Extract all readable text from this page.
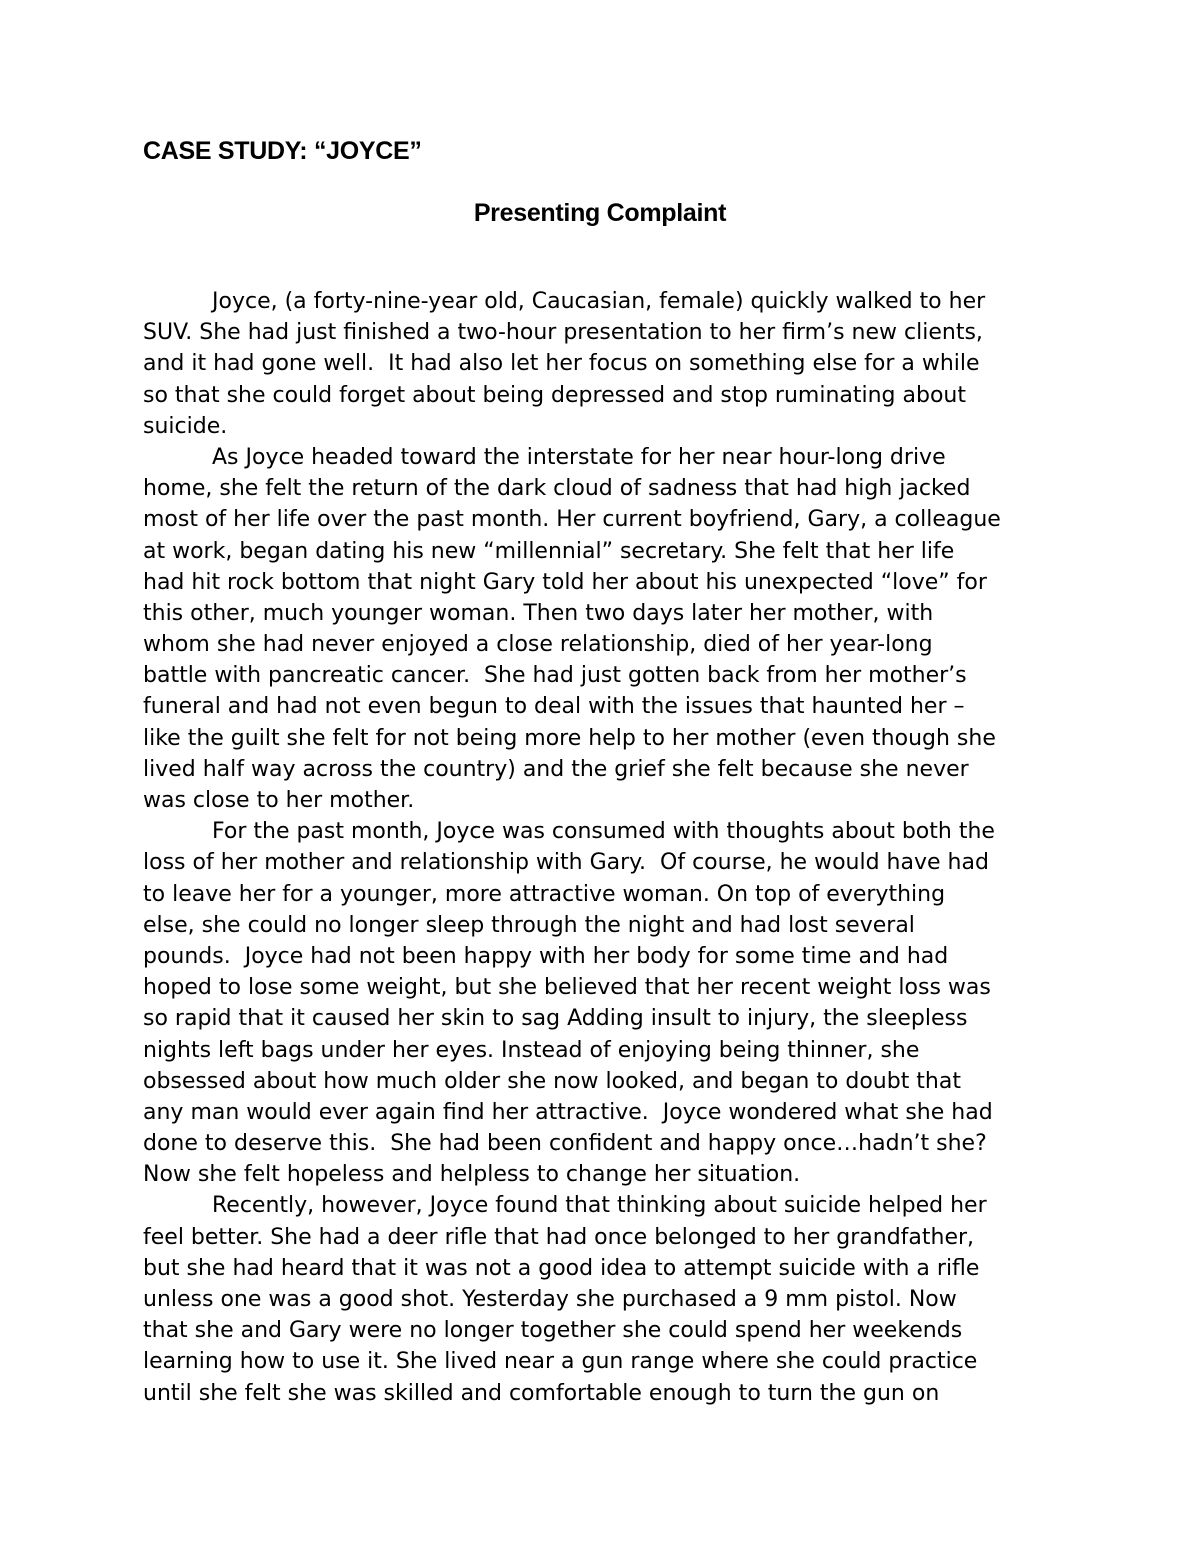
CASE STUDY: “JOYCE”
Presenting Complaint
Joyce, (a forty-nine-year old, Caucasian, female) quickly walked to her
SUV. She had just finished a two-hour presentation to her firm’s new clients,
and it had gone well.  It had also let her focus on something else for a while
so that she could forget about being depressed and stop ruminating about
suicide.
As Joyce headed toward the interstate for her near hour-long drive
home, she felt the return of the dark cloud of sadness that had high jacked
most of her life over the past month. Her current boyfriend, Gary, a colleague
at work, began dating his new “millennial” secretary. She felt that her life
had hit rock bottom that night Gary told her about his unexpected “love” for
this other, much younger woman. Then two days later her mother, with
whom she had never enjoyed a close relationship, died of her year-long
battle with pancreatic cancer.  She had just gotten back from her mother’s
funeral and had not even begun to deal with the issues that haunted her –
like the guilt she felt for not being more help to her mother (even though she
lived half way across the country) and the grief she felt because she never
was close to her mother.
For the past month, Joyce was consumed with thoughts about both the
loss of her mother and relationship with Gary.  Of course, he would have had
to leave her for a younger, more attractive woman. On top of everything
else, she could no longer sleep through the night and had lost several
pounds.  Joyce had not been happy with her body for some time and had
hoped to lose some weight, but she believed that her recent weight loss was
so rapid that it caused her skin to sag Adding insult to injury, the sleepless
nights left bags under her eyes. Instead of enjoying being thinner, she
obsessed about how much older she now looked, and began to doubt that
any man would ever again find her attractive.  Joyce wondered what she had
done to deserve this.  She had been confident and happy once…hadn’t she?
Now she felt hopeless and helpless to change her situation.
Recently, however, Joyce found that thinking about suicide helped her
feel better. She had a deer rifle that had once belonged to her grandfather,
but she had heard that it was not a good idea to attempt suicide with a rifle
unless one was a good shot. Yesterday she purchased a 9 mm pistol. Now
that she and Gary were no longer together she could spend her weekends
learning how to use it. She lived near a gun range where she could practice
until she felt she was skilled and comfortable enough to turn the gun on
